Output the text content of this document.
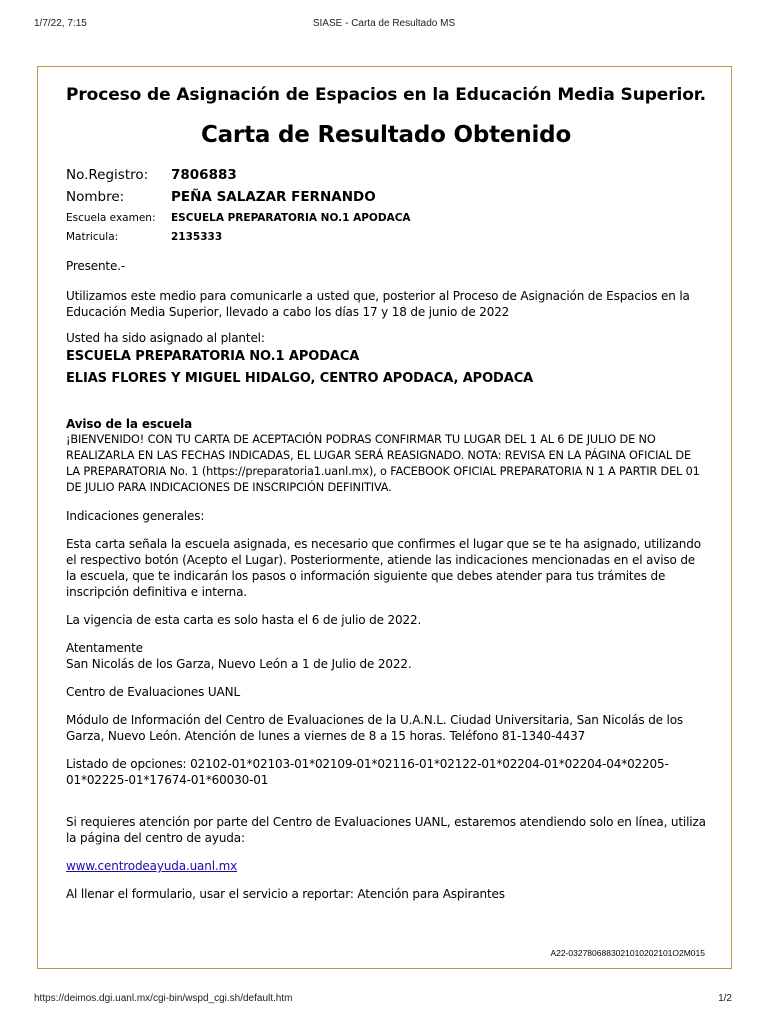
1/7/22, 7:15	SIASE - Carta de Resultado MS
Proceso de Asignación de Espacios en la Educación Media Superior.
Carta de Resultado Obtenido
No.Registro:	7806883
Nombre:	PEÑA SALAZAR FERNANDO
Escuela examen:	ESCUELA PREPARATORIA NO.1 APODACA
Matricula:	2135333

Presente.-

Utilizamos este medio para comunicarle a usted que, posterior al Proceso de Asignación de Espacios en la Educación Media Superior, llevado a cabo los días 17 y 18 de junio de 2022

Usted ha sido asignado al plantel:

ESCUELA PREPARATORIA NO.1 APODACA

ELIAS FLORES Y MIGUEL HIDALGO, CENTRO APODACA, APODACA

Aviso de la escuela

¡BIENVENIDO! CON TU CARTA DE ACEPTACIÓN PODRAS CONFIRMAR TU LUGAR DEL 1 AL 6 DE JULIO DE NO REALIZARLA EN LAS FECHAS INDICADAS, EL LUGAR SERÁ REASIGNADO. NOTA: REVISA EN LA PÁGINA OFICIAL DE LA PREPARATORIA No. 1 (https://preparatoria1.uanl.mx), o FACEBOOK OFICIAL PREPARATORIA N 1 A PARTIR DEL 01 DE JULIO PARA INDICACIONES DE INSCRIPCIÓN DEFINITIVA.

Indicaciones generales:

Esta carta señala la escuela asignada, es necesario que confirmes el lugar que se te ha asignado, utilizando el respectivo botón (Acepto el Lugar). Posteriormente, atiende las indicaciones mencionadas en el aviso de la escuela, que te indicarán los pasos o información siguiente que debes atender para tus trámites de inscripción definitiva e interna.

La vigencia de esta carta es solo hasta el 6 de julio de 2022.

Atentamente

San Nicolás de los Garza, Nuevo León a 1 de Julio de 2022.

Centro de Evaluaciones UANL

Módulo de Información del Centro de Evaluaciones de la U.A.N.L. Ciudad Universitaria, San Nicolás de los Garza, Nuevo León. Atención de lunes a viernes de 8 a 15 horas. Teléfono 81-1340-4437

Listado de opciones: 02102-01*02103-01*02109-01*02116-01*02122-01*02204-01*02204-04*02205-01*02225-01*17674-01*60030-01

Si requieres atención por parte del Centro de Evaluaciones UANL, estaremos atendiendo solo en línea, utiliza la página del centro de ayuda:

www.centrodeayuda.uanl.mx

Al llenar el formulario, usar el servicio a reportar: Atención para Aspirantes

A22-0327806883021010202101O2M015
https://deimos.dgi.uanl.mx/cgi-bin/wspd_cgi.sh/default.htm	1/2
